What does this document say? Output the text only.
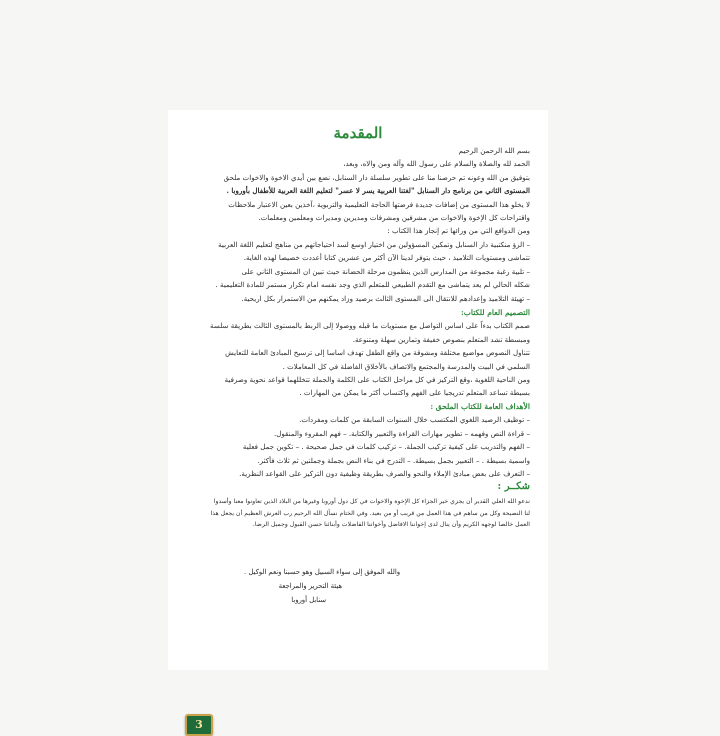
المقدمة
بسم الله الرحمن الرحيم
الحمد لله والصلاة والسلام على رسول الله وآله ومن والاه، وبعد،
بتوفيق من الله وعونه تم حرصنا منا على تطوير سلسلة دار السنابل، نضع بين أيدي الاخوة والاخوات ملحق
المستوى الثاني من برنامج دار السنابل "لغتنا العربية يسر لا عسر" لتعليم اللغة العربية للأطفال بأوروبا .
لا يخلو هذا المستوى من إضافات جديدة فرضتها الحاجة التعليمية والتربوية ،آخذين بعين الاعتبار ملاحظات
واقتراحات كل الإخوة والاخوات من مشرفين ومشرفات ومديرين ومديرات ومعلمين ومعلمات.
ومن الدوافع التي من ورائها تم إنجاز هذا الكتاب :
– الرؤ منكتبية دار السنابل وتمكين المسؤولين من اختيار اوسع لسد احتياجاتهم من مناهج لتعليم اللغة العربية
تتماشى ومستويات التلاميذ ، حيث يتوفر لدينا الآن أكثر من عشرين كتابا أعددت خصيصا لهذه الغاية.
– تلبية رغبة مجموعة من المدارس الذين ينظمون مرحلة الحضانة حيث تبين ان المستوى الثاني على
شكله الحالي لم يعد يتماشى مع التقدم الطبيعي للمتعلم الذي وجد نفسه امام تكرار مستمر للمادة التعليمية .
– تهيئة التلاميذ وإعدادهم للانتقال الى المستوى الثالث برصيد وزاد يمكنهم من الاستمرار بكل اريحية.
التصميم العام للكتاب:
صمم الكتاب بدءاً على اساس التواصل مع مستويات ما قبله ووصولا إلى الربط بالمستوى الثالث بطريقة سلسة
ومبسطة تشد المتعلم بنصوص خفيفة وتمارين سهلة ومتنوعة.
تتناول النصوص مواضيع مختلفة ومشوقة من واقع الطفل تهدف اساسا إلى ترسيخ المبادئ العامة للتعايش
السلمي في البيت والمدرسة والمجتمع والاتصاف بالأخلاق الفاضلة في كل المعاملات .
ومن الناحية اللغوية ،وقع التركيز في كل مراحل الكتاب على الكلمة والجملة تتخللهما قواعد نحوية وصرفية
بسيطة تساعد المتعلم تدريجيا على الفهم واكتساب أكثر ما يمكن من المهارات .
الأهداف العامة للكتاب الملحق :
– توظيف الرصيد اللغوي المكتسب خلال السنوات السابقة من كلمات ومفردات.
– قراءة النص وفهمه – تطوير مهارات القراءة والتعبير والكتابة. – فهم المقروء والمنقول.
– الفهم والتدريب على كيفية تركيب الجملة. – تركيب كلمات في جمل صحيحة . – تكوين جمل فعلية
واسمية بسيطة . – التعبير بجمل بسيطة. – التدرج في بناء النص بجملة وجملتين ثم ثلاث فأكثر.
– التعرف على بعض مبادئ الإملاء والنحو والصرف بطريقة وظيفية دون التركيز على القواعد النظرية.
شكــر :
ندعو الله العلي القدير أن يجزي خير الجزاء كل الإخوة والاخوات في كل دول أوروبا وغيرها من البلاد الذين تعاونوا معنا وأسدوا
لنا النصيحة وكل من ساهم في هذا العمل من قريب أو من بعيد. وفي الختام نسأل الله الرحيم رب العرش العظيم أن يجعل هذا
العمل خالصا لوجهه الكريم وأن ينال لدى إخواننا الافاضل وأخواتنا الفاضلات وأبنائنا حسن القبول وجميل الرضا.
والله الموفق إلى سواء السبيل وهو حسبنا ونعم الوكيل .
هيئة التحرير والمراجعة
سنابل أوروبا
3
